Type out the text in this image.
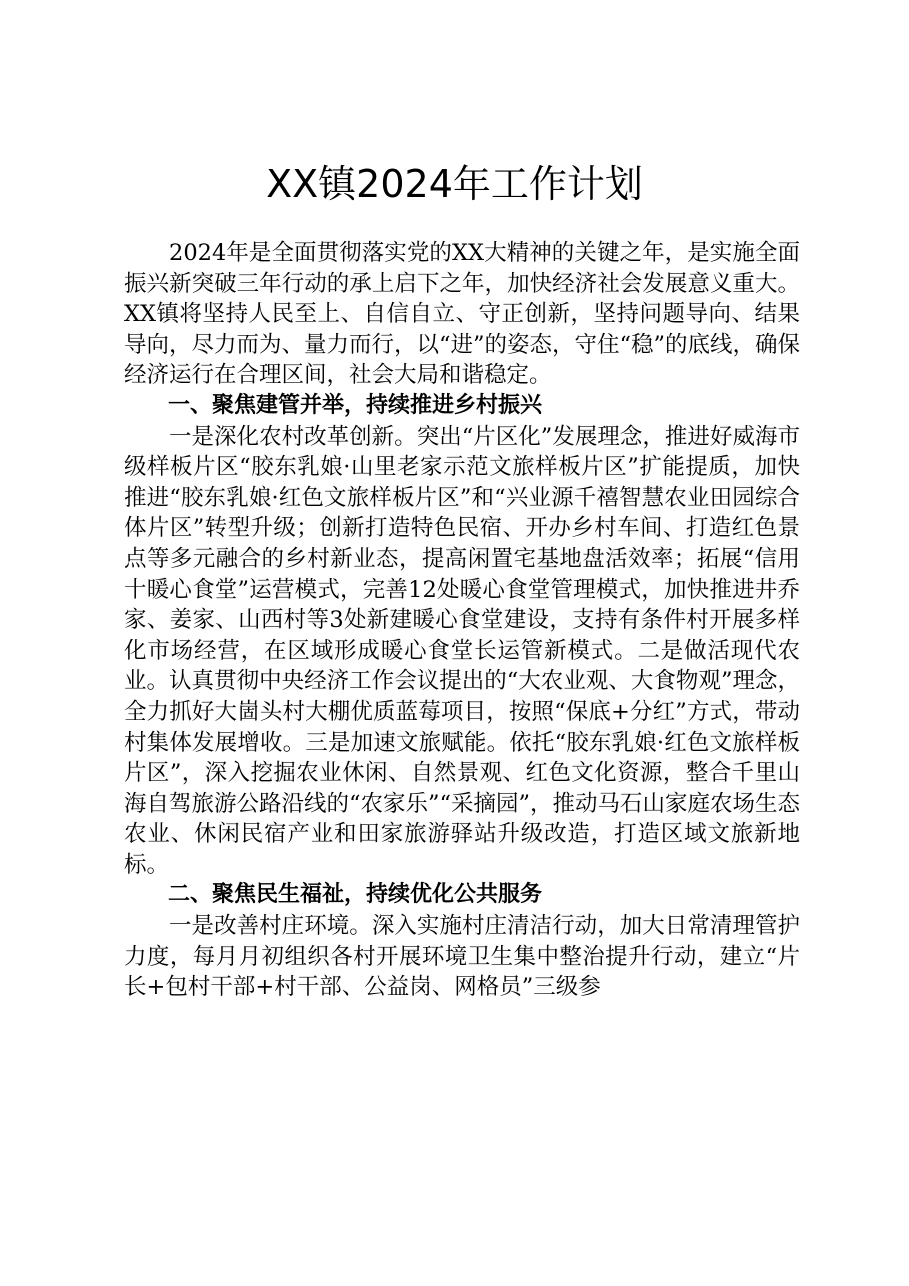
XX镇2024年工作计划

2024年是全面贯彻落实党的XX大精神的关键之年，是实施全面振兴新突破三年行动的承上启下之年，加快经济社会发展意义重大。XX镇将坚持人民至上、自信自立、守正创新，坚持问题导向、结果导向，尽力而为、量力而行，以“进”的姿态，守住“稳”的底线，确保经济运行在合理区间，社会大局和谐稳定。

一、聚焦建管并举，持续推进乡村振兴

一是深化农村改革创新。突出“片区化”发展理念，推进好威海市级样板片区“胶东乳娘·山里老家示范文旅样板片区”扩能提质，加快推进“胶东乳娘·红色文旅样板片区”和“兴业源千禧智慧农业田园综合体片区”转型升级；创新打造特色民宿、开办乡村车间、打造红色景点等多元融合的乡村新业态，提高闲置宅基地盘活效率；拓展“信用十暖心食堂”运营模式，完善12处暖心食堂管理模式，加快推进井乔家、姜家、山西村等3处新建暖心食堂建设，支持有条件村开展多样化市场经营，在区域形成暖心食堂长运管新模式。二是做活现代农业。认真贯彻中央经济工作会议提出的“大农业观、大食物观”理念，全力抓好大崮头村大棚优质蓝莓项目，按照“保底+分红”方式，带动村集体发展增收。三是加速文旅赋能。依托“胶东乳娘·红色文旅样板片区”，深入挖掘农业休闲、自然景观、红色文化资源，整合千里山海自驾旅游公路沿线的“农家乐”“采摘园”，推动马石山家庭农场生态农业、休闲民宿产业和田家旅游驿站升级改造，打造区域文旅新地标。

二、聚焦民生福祉，持续优化公共服务

一是改善村庄环境。深入实施村庄清洁行动，加大日常清理管护力度，每月月初组织各村开展环境卫生集中整治提升行动，建立“片长+包村干部+村干部、公益岗、网格员”三级参
